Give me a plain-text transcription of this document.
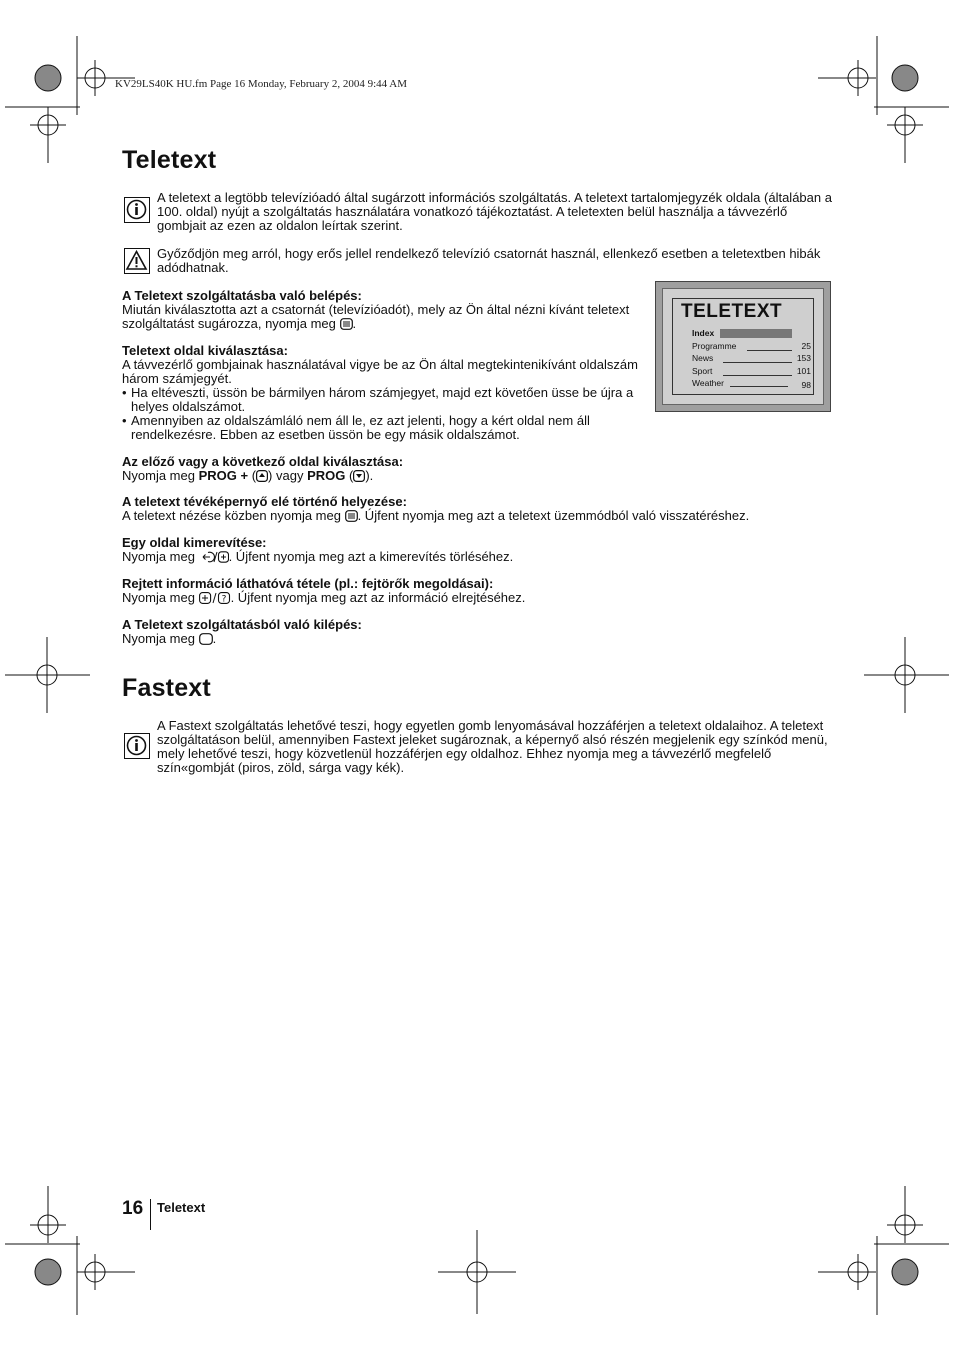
KV29LS40K HU.fm Page 16 Monday, February 2, 2004 9:44 AM
Teletext
A teletext a legtöbb televízióadó által sugárzott információs szolgáltatás. A teletext tartalomjegyzék oldala (általában a 100. oldal) nyújt a szolgáltatás használatára vonatkozó tájékoztatást. A teletexten belül használja a távvezérlő gombjait az ezen az oldalon leírtak szerint.
Győződjön meg arról, hogy erős jellel rendelkező televízió csatornát használ, ellenkező esetben a teletextben hibák adódhatnak.

A Teletext szolgáltatásba való belépés:

Miután kiválasztotta azt a csatornát (televízióadót), mely az Ön által nézni kívánt teletext szolgáltatást sugározza, nyomja meg .

Teletext oldal kiválasztása:

A távvezérlő gombjainak használatával vigye be az Ön által megtekintenikívánt oldalszám három számjegyét.

• Ha eltéveszti, üssön be bármilyen három számjegyet, majd ezt követően üsse be újra a helyes oldalszámot.
• Amennyiben az oldalszámláló nem áll le, ez azt jelenti, hogy a kért oldal nem áll rendelkezésre. Ebben az esetben üssön be egy másik oldalszámot.
TELETEXT
Index
Programme	25
News	153
Sport	101
Weather	98

Az előző vagy a következő oldal kiválasztása:

Nyomja meg PROG + ( ) vagy PROG ( ).

A teletext tévéképernyő elé történő helyezése:

A teletext nézése közben nyomja meg . Újfent nyomja meg azt a teletext üzemmódból való visszatéréshez.

Egy oldal kimerevítése:

Nyomja meg . Újfent nyomja meg azt a kimerevítés törléséhez.

Rejtett információ láthatóvá tétele (pl.: fejtörők megoldásai):

Nyomja meg	? . Újfent nyomja meg azt az információ elrejtéséhez.

A Teletext szolgáltatásból való kilépés:

Nyomja meg .

Fastext
A Fastext szolgáltatás lehetővé teszi, hogy egyetlen gomb lenyomásával hozzáférjen a teletext oldalaihoz. A teletext szolgáltatáson belül, amennyiben Fastext jeleket sugároznak, a képernyő alsó részén megjelenik egy színkód menü, mely lehetővé teszi, hogy közvetlenül hozzáférjen egy oldalhoz. Ehhez nyomja meg a távvezérlő megfelelő szín«gombját (piros, zöld, sárga vagy kék).
16 Teletext
